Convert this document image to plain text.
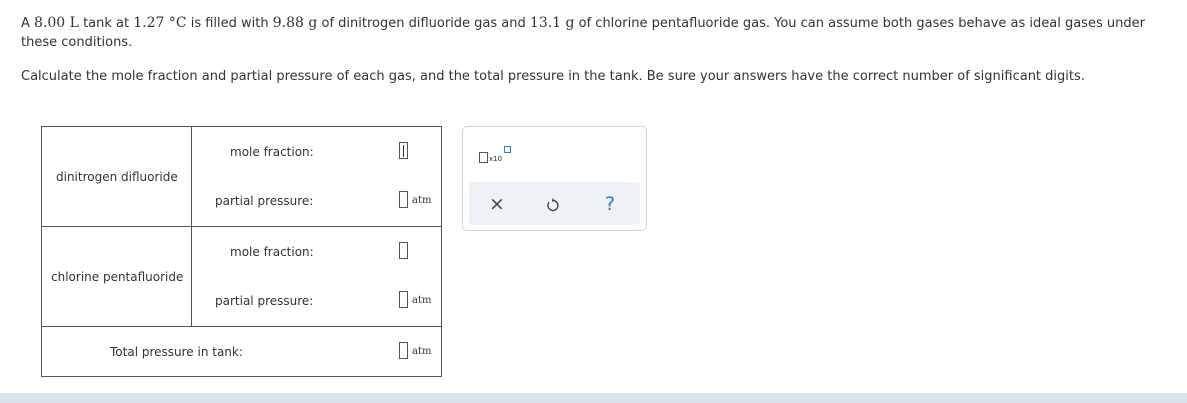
A 8.00 L tank at 1.27 °C is filled with 9.88 g of dinitrogen difluoride gas and 13.1 g of chlorine pentafluoride gas. You can assume both gases behave as ideal gases under these conditions.
Calculate the mole fraction and partial pressure of each gas, and the total pressure in the tank. Be sure your answers have the correct number of significant digits.
dinitrogen difluoride
mole fraction:
partial pressure:	atm
chlorine pentafluoride
mole fraction:
partial pressure:	atm
Total pressure in tank:	atm
x10
×	?
